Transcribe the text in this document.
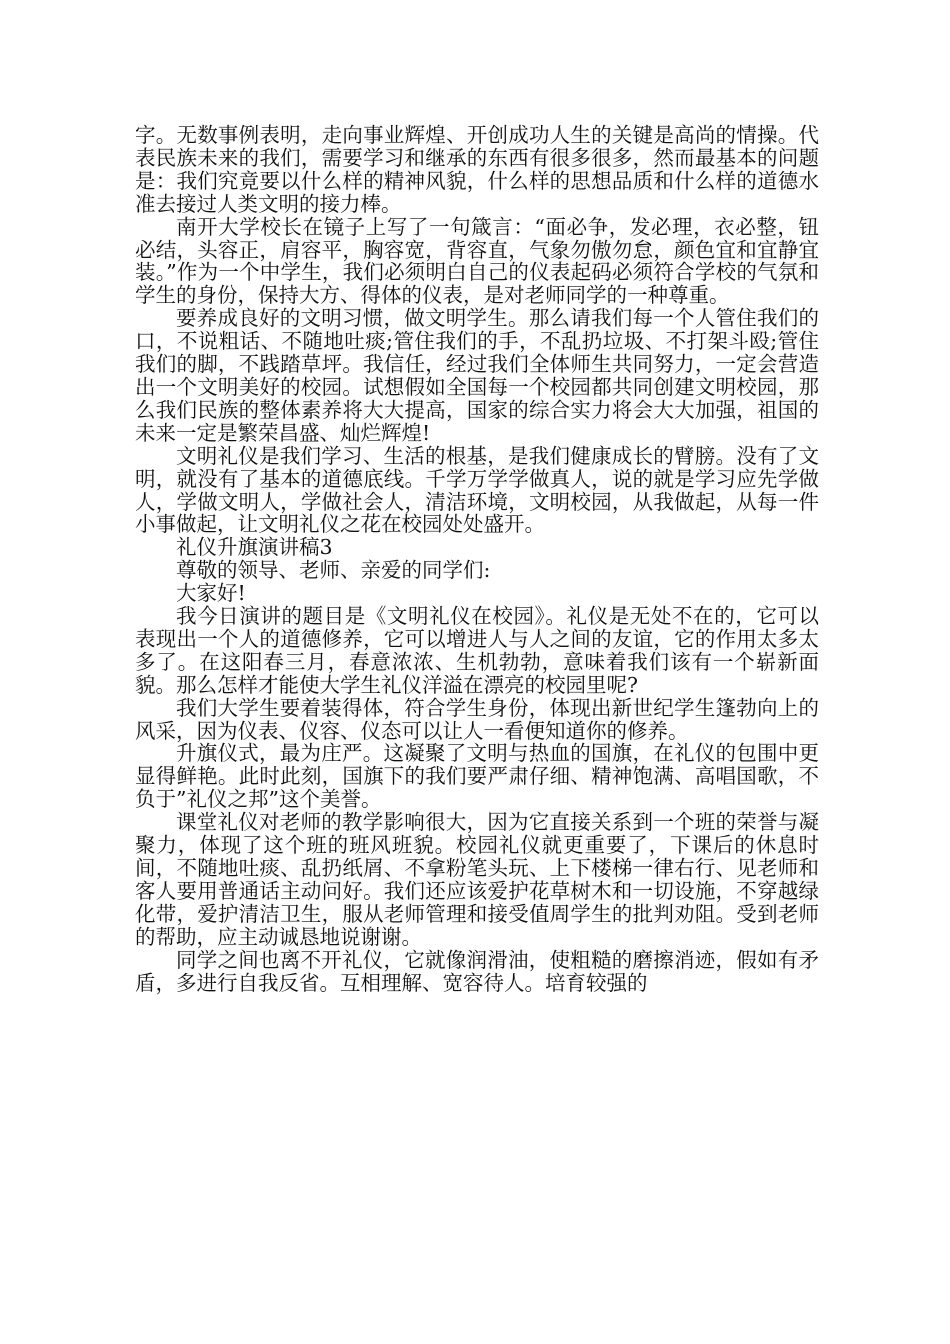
字。无数事例表明，走向事业辉煌、开创成功人生的关键是高尚的情操。代表民族未来的我们，需要学习和继承的东西有很多很多，然而最基本的问题是：我们究竟要以什么样的精神风貌，什么样的思想品质和什么样的道德水准去接过人类文明的接力棒。

南开大学校长在镜子上写了一句箴言：“面必争，发必理，衣必整，钮必结，头容正，肩容平，胸容宽，背容直，气象勿傲勿怠，颜色宜和宜静宜装。”作为一个中学生，我们必须明白自己的仪表起码必须符合学校的气氛和学生的身份，保持大方、得体的仪表，是对老师同学的一种尊重。

要养成良好的文明习惯，做文明学生。那么请我们每一个人管住我们的口，不说粗话、不随地吐痰;管住我们的手，不乱扔垃圾、不打架斗殴;管住我们的脚，不践踏草坪。我信任，经过我们全体师生共同努力，一定会营造出一个文明美好的校园。试想假如全国每一个校园都共同创建文明校园，那么我们民族的整体素养将大大提高，国家的综合实力将会大大加强，祖国的未来一定是繁荣昌盛、灿烂辉煌!

文明礼仪是我们学习、生活的根基，是我们健康成长的臂膀。没有了文明，就没有了基本的道德底线。千学万学学做真人，说的就是学习应先学做人，学做文明人，学做社会人，清洁环境，文明校园，从我做起，从每一件小事做起，让文明礼仪之花在校园处处盛开。

礼仪升旗演讲稿3

尊敬的领导、老师、亲爱的同学们:

大家好!

我今日演讲的题目是《文明礼仪在校园》。礼仪是无处不在的，它可以表现出一个人的道德修养，它可以增进人与人之间的友谊，它的作用太多太多了。在这阳春三月，春意浓浓、生机勃勃，意味着我们该有一个崭新面貌。那么怎样才能使大学生礼仪洋溢在漂亮的校园里呢?

我们大学生要着装得体，符合学生身份，体现出新世纪学生篷勃向上的风采，因为仪表、仪容、仪态可以让人一看便知道你的修养。

升旗仪式，最为庄严。这凝聚了文明与热血的国旗，在礼仪的包围中更显得鲜艳。此时此刻，国旗下的我们要严肃仔细、精神饱满、高唱国歌，不负于”礼仪之邦”这个美誉。

课堂礼仪对老师的教学影响很大，因为它直接关系到一个班的荣誉与凝聚力，体现了这个班的班风班貌。校园礼仪就更重要了，下课后的休息时间，不随地吐痰、乱扔纸屑、不拿粉笔头玩、上下楼梯一律右行、见老师和客人要用普通话主动问好。我们还应该爱护花草树木和一切设施，不穿越绿化带，爱护清洁卫生，服从老师管理和接受值周学生的批判劝阻。受到老师的帮助，应主动诚恳地说谢谢。

同学之间也离不开礼仪，它就像润滑油，使粗糙的磨擦消迹，假如有矛盾，多进行自我反省。互相理解、宽容待人。培育较强的
